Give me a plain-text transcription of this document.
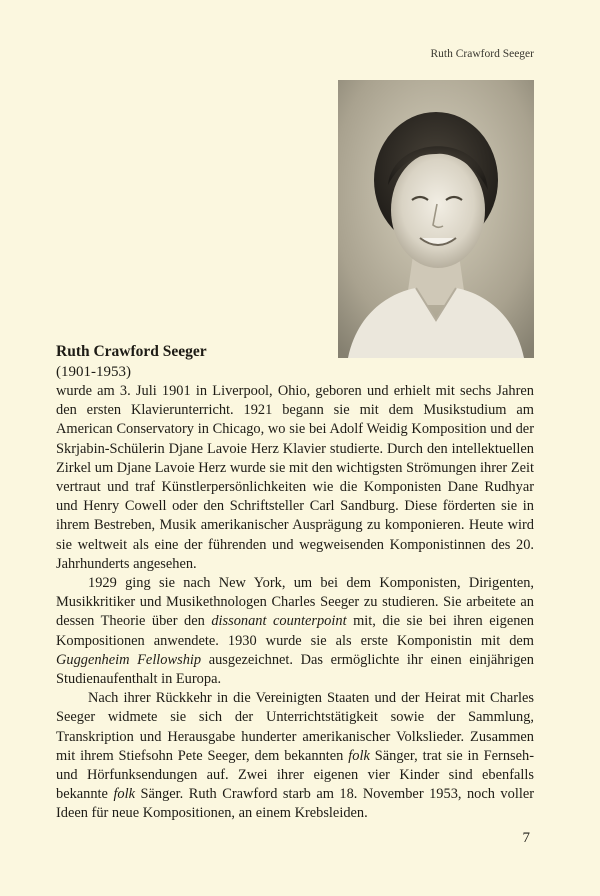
Ruth Crawford Seeger
Ruth Crawford Seeger
(1901-1953)

wurde am 3. Juli 1901 in Liverpool, Ohio, geboren und erhielt mit sechs Jahren den ersten Klavierunterricht. 1921 begann sie mit dem Musikstudium am American Conservatory in Chicago, wo sie bei Adolf Weidig Komposition und der Skrjabin-Schülerin Djane Lavoie Herz Klavier studierte. Durch den intellektuellen Zirkel um Djane Lavoie Herz wurde sie mit den wichtigsten Strömungen ihrer Zeit vertraut und traf Künstlerpersönlichkeiten wie die Komponisten Dane Rudhyar und Henry Cowell oder den Schriftsteller Carl Sandburg. Diese förderten sie in ihrem Bestreben, Musik amerikanischer Ausprägung zu komponieren. Heute wird sie weltweit als eine der führenden und wegweisenden Komponistinnen des 20. Jahrhunderts angesehen.

1929 ging sie nach New York, um bei dem Komponisten, Dirigenten, Musikkritiker und Musikethnologen Charles Seeger zu studieren. Sie arbeitete an dessen Theorie über den dissonant counterpoint mit, die sie bei ihren eigenen Kompositionen anwendete. 1930 wurde sie als erste Komponistin mit dem Guggenheim Fellowship ausgezeichnet. Das ermöglichte ihr einen einjährigen Studienaufenthalt in Europa.

Nach ihrer Rückkehr in die Vereinigten Staaten und der Heirat mit Charles Seeger widmete sie sich der Unterrichtstätigkeit sowie der Sammlung, Transkription und Herausgabe hunderter amerikanischer Volkslieder. Zusammen mit ihrem Stiefsohn Pete Seeger, dem bekannten folk Sänger, trat sie in Fernseh- und Hörfunksendungen auf. Zwei ihrer eigenen vier Kinder sind ebenfalls bekannte folk Sänger. Ruth Crawford starb am 18. November 1953, noch voller Ideen für neue Kompositionen, an einem Krebsleiden.

7
